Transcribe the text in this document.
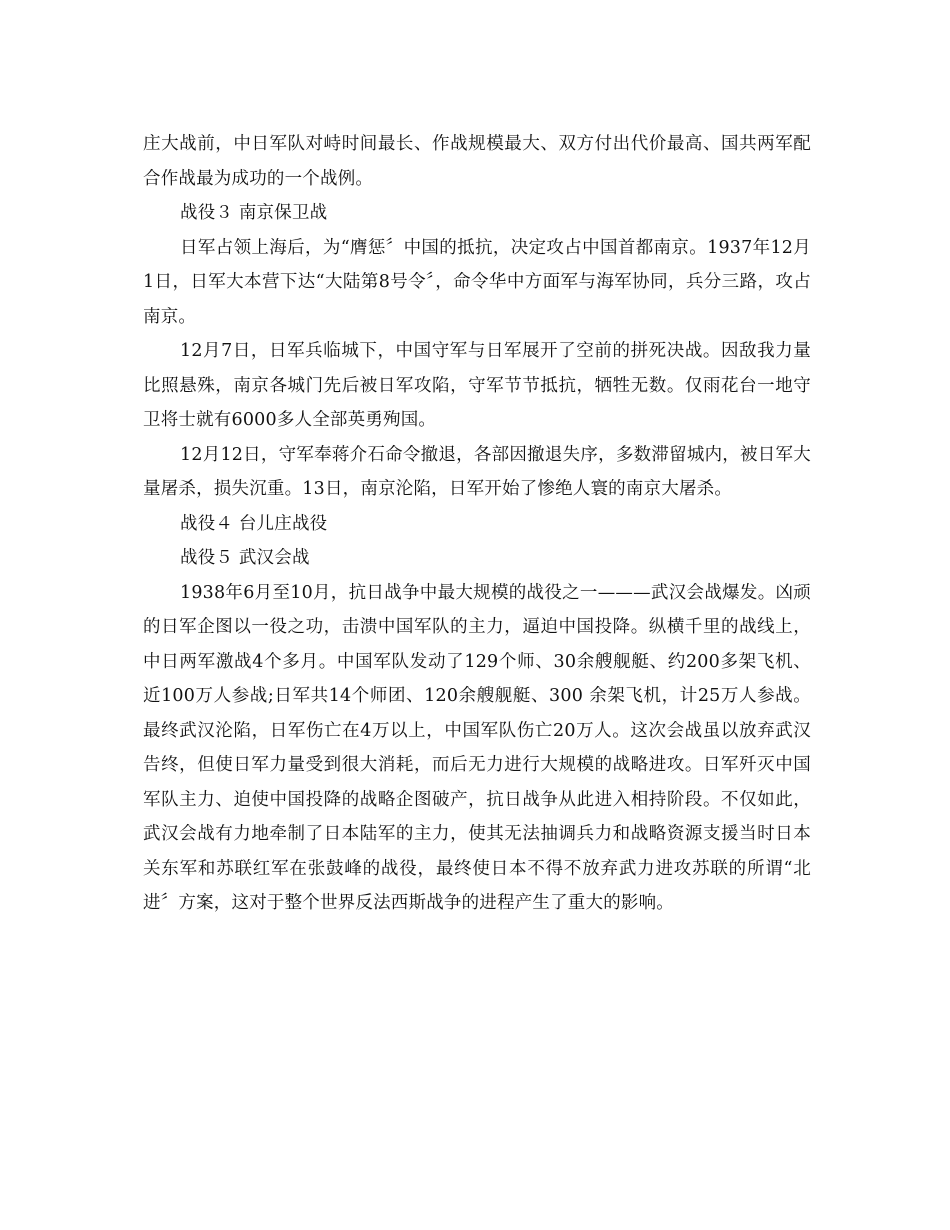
庄大战前，中日军队对峙时间最长、作战规模最大、双方付出代价最高、国共两军配合作战最为成功的一个战例。

战役３ 南京保卫战

日军占领上海后，为“膺惩〞中国的抵抗，决定攻占中国首都南京。1937年12月1日，日军大本营下达“大陆第8号令〞，命令华中方面军与海军协同，兵分三路，攻占南京。

12月7日，日军兵临城下，中国守军与日军展开了空前的拼死决战。因敌我力量比照悬殊，南京各城门先后被日军攻陷，守军节节抵抗，牺牲无数。仅雨花台一地守卫将士就有6000多人全部英勇殉国。

12月12日，守军奉蒋介石命令撤退，各部因撤退失序，多数滞留城内，被日军大量屠杀，损失沉重。13日，南京沦陷，日军开始了惨绝人寰的南京大屠杀。

战役４ 台儿庄战役

战役５ 武汉会战

1938年6月至10月，抗日战争中最大规模的战役之一———武汉会战爆发。凶顽的日军企图以一役之功，击溃中国军队的主力，逼迫中国投降。纵横千里的战线上，中日两军激战4个多月。中国军队发动了129个师、30余艘舰艇、约200多架飞机、近100万人参战;日军共14个师团、120余艘舰艇、300 余架飞机，计25万人参战。最终武汉沦陷，日军伤亡在4万以上，中国军队伤亡20万人。这次会战虽以放弃武汉告终，但使日军力量受到很大消耗，而后无力进行大规模的战略进攻。日军歼灭中国军队主力、迫使中国投降的战略企图破产，抗日战争从此进入相持阶段。不仅如此，武汉会战有力地牵制了日本陆军的主力，使其无法抽调兵力和战略资源支援当时日本关东军和苏联红军在张鼓峰的战役，最终使日本不得不放弃武力进攻苏联的所谓“北进〞方案，这对于整个世界反法西斯战争的进程产生了重大的影响。
